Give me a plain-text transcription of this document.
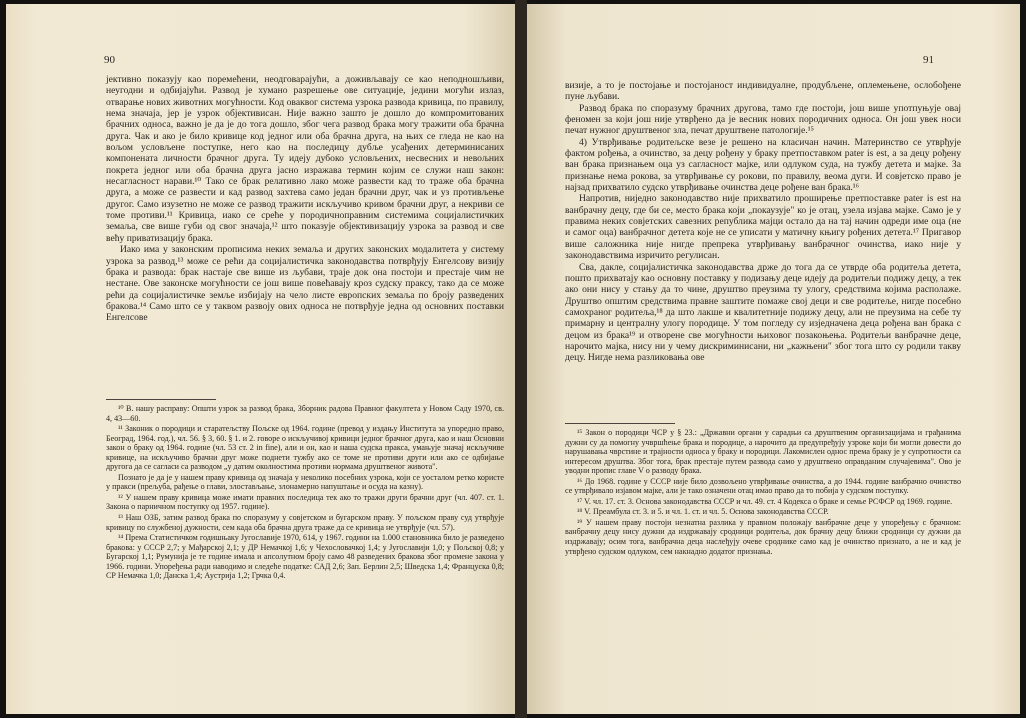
90

јективно показују као поремећени, неодговарајући, а доживљавају се као неподношљиви, неугодни и одбијајући. Развод је хумано разрешење ове ситуације, једини могући излаз, отварање нових животних могућности. Код оваквог система узрока развода кривица, по правилу, нема значаја, јер је узрок објективисан. Није важно зашто је дошло до компромитованих брачних односа, важно је да је до тога дошло, због чега развод брака могу тражити оба брачна друга. Чак и ако је било кривице код једног или оба брачна друга, на њих се гледа не као на вољом условљене поступке, него као на последицу дубље усађених детерминисаних компонената личности брачног друга. Ту идеју дубоко условљених, несвесних и невољних покрета једног или оба брачна друга јасно изражава термин којим се служи наш закон: несагласност нарави.¹⁰ Тако се брак релативно лако може развести кад то траже оба брачна друга, а може се развести и кад развод захтева само један брачни друг, чак и уз противљење другог. Само изузетно не мoже се развод тражити искључиво кривом брачни друг, а некриви се томе противи.¹¹ Кривица, иако се среће у породичноправним системима социјалистичких земаља, све више губи од свог значаја,¹² што показује објективизацију узрока за развод и све већу приватизацију брака.

Иако има у законским прописима неких земаља и других законских модалитета у систему узрока за развод,¹³ може се рећи да социјалистичка законодавства потврђују Енгелсову визију брака и развода: брак настаје све више из љубави, траје док она постоји и престаје чим не нестане. Ове законске могућности се још више повећавају кроз судску праксу, тако да се може рећи да социјалистичке земље избијају на чело листе европских земаља по броју разведених бракова.¹⁴ Само што се у таквом развоју ових односа не потврђује једна од основних поставки Енгелсове

¹⁰ В. нашу расправу: Општи узрок за развод брака, Зборник радова Правног факултета у Новом Саду 1970, св. 4, 43—60.

¹¹ Законик о породици и старатељству Пољске од 1964. године (превод у издању Института за упоредно право, Београд, 1964. год.), чл. 56. § 3, 60. § 1. и 2. говоре о искључивој кривици једног брачног друга, као и наш Основни закон о браку од 1964. године (чл. 53 ст. 2 in fine), али и он, као и наша судска пракса, умањује значај искључиве кривице, на искључиво брачни друг може поднети тужбу ако се томе не противи други или ако се одбијање другога да се сагласи са разводом „у датим околностима противи нормама друштвеног живота".

Познато је да је у нашем праву кривица од значаја у неколико посебних узрока, који се уосталом ретко користе у пракси (прељуба, рађење о глави, злостављање, злонамерно напуштање и осуда на казну).

¹² У нашем праву кривица може имати правних последица тек ако то тражи други брачни друг (чл. 407. ст. 1. Закона о парничном поступку од 1957. године).

¹³ Наш ОЗБ, затим развод брака по споразуму у совјетском и бугарском праву. У пољском праву суд утврђује кривицу по службеној дужности, сем када оба брачна друга траже да се кривица не утврђује (чл. 57).

¹⁴ Према Статистичком годишњаку Југославије 1970, 614, у 1967. години на 1.000 становника било је разведено бракова: у СССР 2,7; у Мађарској 2,1; у ДР Немачкој 1,6; у Чехословачкој 1,4; у Југославији 1,0; у Пољској 0,8; у Бугарској 1,1; Румунија је те године имала и апсолутном броју само 48 разведених бракова због промене закона у 1966. години. Упоређења ради наводимо и следеће податке: САД 2,6; Зап. Берлин 2,5; Шведска 1,4; Француска 0,8; СР Немачка 1,0; Данска 1,4; Аустрија 1,2; Грчка 0,4.

91

визије, а то је постојање и постојаност индивидуалне, продубљене, оплемењене, ослобођене пуне љубави.

Развод брака по споразуму брачних другова, тамо где постоји, још више употпуњује овај феномен за који још није утврђено да је весник нових породичних односа. Он још увек носи печат нужног друштвеног зла, печат друштвене патологије.¹⁵

4) Утврђивање родитељске везе је решено на класичан начин. Материнство се утврђује фактом рођења, а очинство, за децу рођену у браку претпоставком pater is est, а за децу рођену ван брака признањем оца уз сагласност мајке, или одлуком суда, на тужбу детета и мајке. За признање нема рокова, за утврђивање су рокови, по правилу, веома дуги. И совјетско право је најзад прихватило судско утврђивање очинства деце рођене ван брака.¹⁶

Напротив, ниједно законодавство није прихватило проширење претпоставке pater is est на ванбрачну децу, где би се, место брака који „покаузује" ко је отац, узела изјава мајке. Само је у правима неких совјетских савезних република мајци остало да на тај начин одреди име оца (не и самог оца) ванбрачног детета које не се уписати у матичну књигу рођених детета.¹⁷ Пригавор више саложника није нигде препрека утврђивању ванбрачног очинства, иако није у законодавствима изричито регулисан.

Сва, дакле, социјалистичка законодавства држе до тога да се утврде оба родитеља детета, пошто прихватају као основну поставку у подизању деце идеју да родитељи подижу децу, а тек ако они нису у стању да то чине, друштво преузима ту улогу, средствима којима располаже. Друштво општим средствима правне заштите помаже свој деци и све родитеље, нигде посебно самохраног родитеља,¹⁸ да што лакше и квалитетније подижу децу, али не преузима на себе ту примарну и централну улогу породице. У том погледу су изједначена деца рођена ван брака с децом из брака¹⁹ и отворене све могућности њиховог позакоњења. Родитељи ванбрачне деце, нарочито мајка, нису ни у чему дискриминисани, ни „кажњени" због тога што су родили такву децу. Нигде нема разликовања ове

¹⁵ Закон о породици ЧСР у § 23.: „Државни органи у сарадњи са друштвеним организацијама и грађанима дужни су да помогну учвршћење брака и породице, а нарочито да предупређују узроке који би могли довести до нарушавања чврстине и трајности односа у браку и породици. Лакомислен однос према браку је у супротности са интересом друштва. Због тога, брак престаје путем развода само у друштвено оправданим случајевима". Ово је уводни пропис главе V о разводу брака.

¹⁶ До 1968. године у СССР није било дозвољено утврђивање очинства, а до 1944. године ванбрачно очинство се утврђивало изјавом мајке, али је тако означени отац имао право да то побија у судском поступку.

¹⁷ V. чл. 17. ст. 3. Основа законодавства СССР и чл. 49. ст. 4 Кодекса о браке и семье РСФСР од 1969. године.

¹⁸ V. Преамбула ст. 3. и 5. и чл. 1. ст. и чл. 5. Основа законодавства СССР.

¹⁹ У нашем праву постоји незнатна разлика у правном положају ванбрачне деце у упоређењу с брачном: ванбрачну децу нису дужни да издржавају сродници родитеља, док брачну децу ближи сродници су дужни да издржавају; осим тога, ванбрачна деца наслеђују очеве сроднике само кад је очинство признато, а не и кад је утврђено судском одлуком, сем накнадно додатог признања.
